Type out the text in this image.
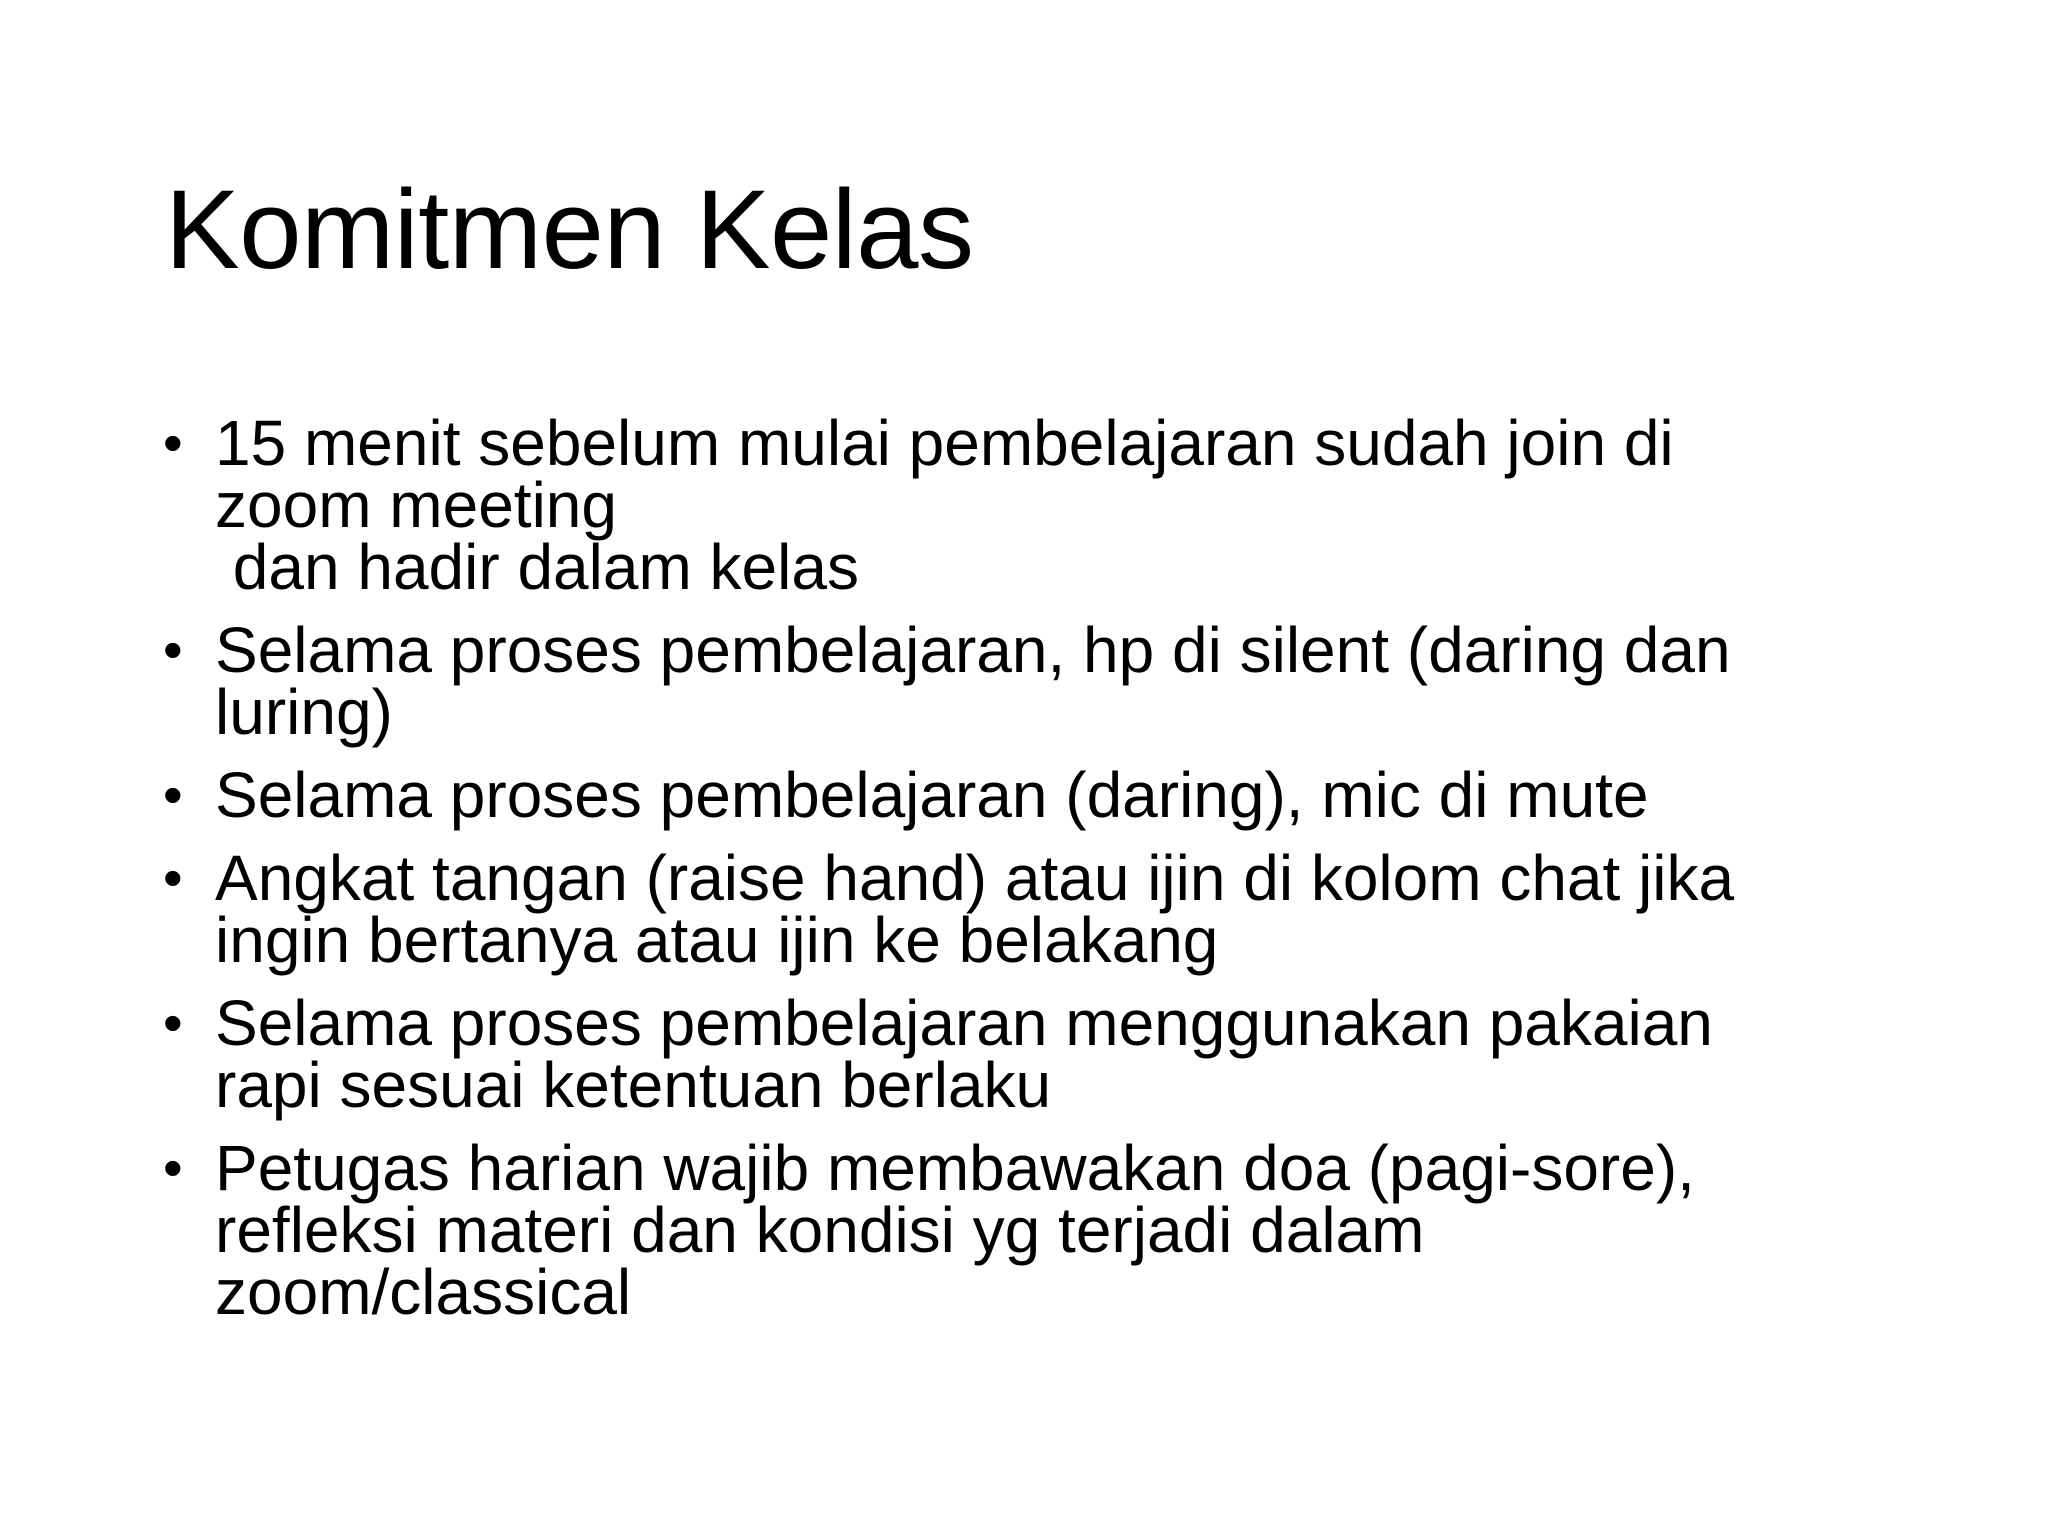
Komitmen Kelas
• 15 menit sebelum mulai pembelajaran sudah join di
zoom meeting
dan hadir dalam kelas
• Selama proses pembelajaran, hp di silent (daring dan
luring)
• Selama proses pembelajaran (daring), mic di mute
• Angkat tangan (raise hand) atau ijin di kolom chat jika
ingin bertanya atau ijin ke belakang
• Selama proses pembelajaran menggunakan pakaian
rapi sesuai ketentuan berlaku
• Petugas harian wajib membawakan doa (pagi-sore),
refleksi materi dan kondisi yg terjadi dalam
zoom/classical
